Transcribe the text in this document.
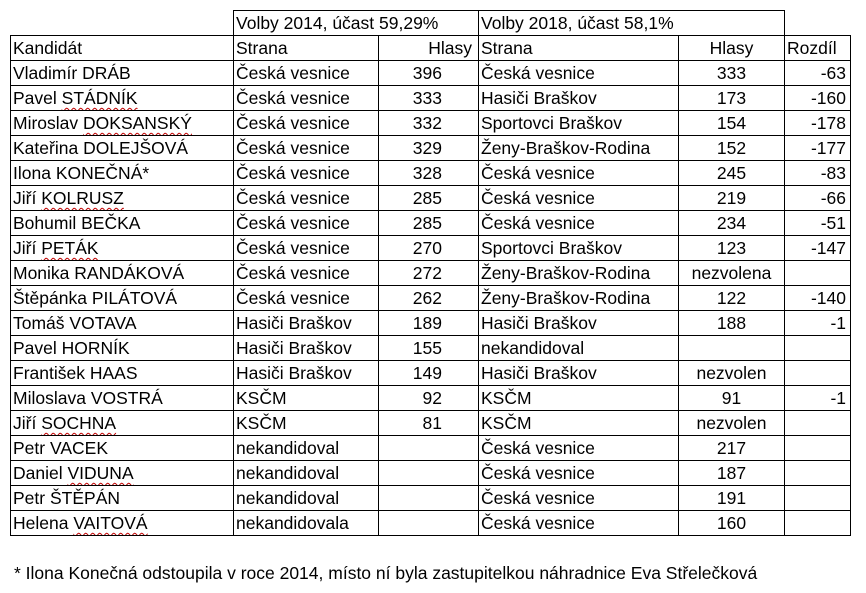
	Volby 2014, účast 59,29%		Volby 2018, účast 58,1%		
Kandidát	Strana	Hlasy	Strana	Hlasy	Rozdíl
Vladimír DRÁB	Česká vesnice	396	Česká vesnice	333	-63
Pavel STÁDNÍK	Česká vesnice	333	Hasiči Braškov	173	-160
Miroslav DOKSANSKÝ	Česká vesnice	332	Sportovci Braškov	154	-178
Kateřina DOLEJŠOVÁ	Česká vesnice	329	Ženy-Braškov-Rodina	152	-177
Ilona KONEČNÁ*	Česká vesnice	328	Česká vesnice	245	-83
Jiří KOLRUSZ	Česká vesnice	285	Česká vesnice	219	-66
Bohumil BEČKA	Česká vesnice	285	Česká vesnice	234	-51
Jiří PETÁK	Česká vesnice	270	Sportovci Braškov	123	-147
Monika RANDÁKOVÁ	Česká vesnice	272	Ženy-Braškov-Rodina	nezvolena	
Štěpánka PILÁTOVÁ	Česká vesnice	262	Ženy-Braškov-Rodina	122	-140
Tomáš VOTAVA	Hasiči Braškov	189	Hasiči Braškov	188	-1
Pavel HORNÍK	Hasiči Braškov	155	nekandidoval		
František HAAS	Hasiči Braškov	149	Hasiči Braškov	nezvolen	
Miloslava VOSTRÁ	KSČM	92	KSČM	91	-1
Jiří SOCHNA	KSČM	81	KSČM	nezvolen	
Petr VACEK	nekandidoval		Česká vesnice	217	
Daniel VIDUNA	nekandidoval		Česká vesnice	187	
Petr ŠTĚPÁN	nekandidoval		Česká vesnice	191	
Helena VAITOVÁ	nekandidovala		Česká vesnice	160	
* Ilona Konečná odstoupila v roce 2014, místo ní byla zastupitelkou náhradnice Eva Střelečková
